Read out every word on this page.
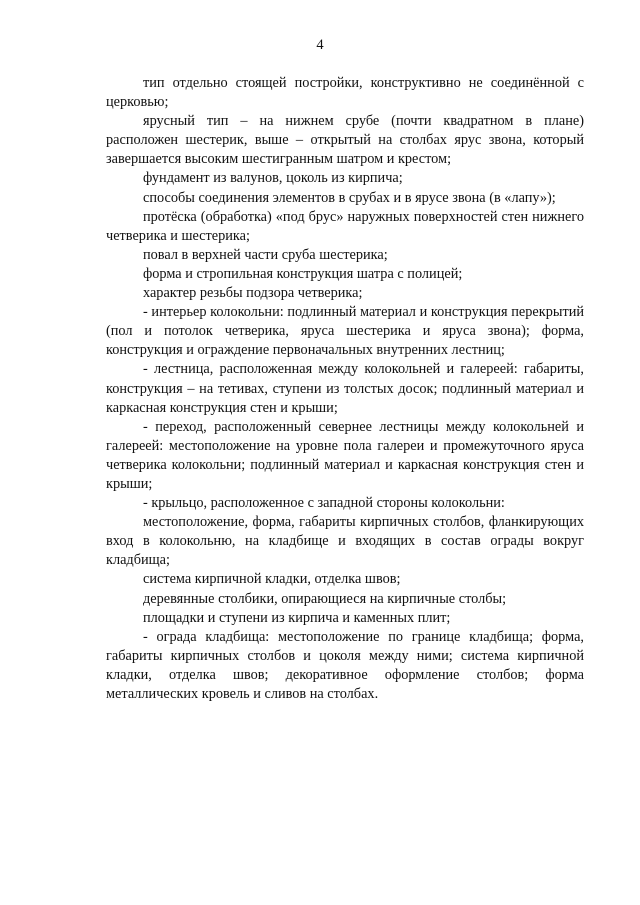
4

тип отдельно стоящей постройки, конструктивно не соединённой с церковью;

ярусный тип – на нижнем срубе (почти квадратном в плане) расположен шестерик, выше – открытый на столбах ярус звона, который завершается высоким шестигранным шатром и крестом;

фундамент из валунов, цоколь из кирпича;

способы соединения элементов в срубах и в ярусе звона (в «лапу»);

протёска (обработка) «под брус» наружных поверхностей стен нижнего четверика и шестерика;

повал в верхней части сруба шестерика;

форма и стропильная конструкция шатра с полицей;

характер резьбы подзора четверика;

- интерьер колокольни: подлинный материал и конструкция перекрытий (пол и потолок четверика, яруса шестерика и яруса звона); форма, конструкция и ограждение первоначальных внутренних лестниц;

- лестница, расположенная между колокольней и галереей: габариты, конструкция – на тетивах, ступени из толстых досок; подлинный материал и каркасная конструкция стен и крыши;

- переход, расположенный севернее лестницы между колокольней и галереей: местоположение на уровне пола галереи и промежуточного яруса четверика колокольни; подлинный материал и каркасная конструкция стен и крыши;

- крыльцо, расположенное с западной стороны колокольни:

местоположение, форма, габариты кирпичных столбов, фланкирующих вход в колокольню, на кладбище и входящих в состав ограды вокруг кладбища;

система кирпичной кладки, отделка швов;

деревянные столбики, опирающиеся на кирпичные столбы;

площадки и ступени из кирпича и каменных плит;

- ограда кладбища: местоположение по границе кладбища; форма, габариты кирпичных столбов и цоколя между ними; система кирпичной кладки, отделка швов; декоративное оформление столбов; форма металлических кровель и сливов на столбах.
